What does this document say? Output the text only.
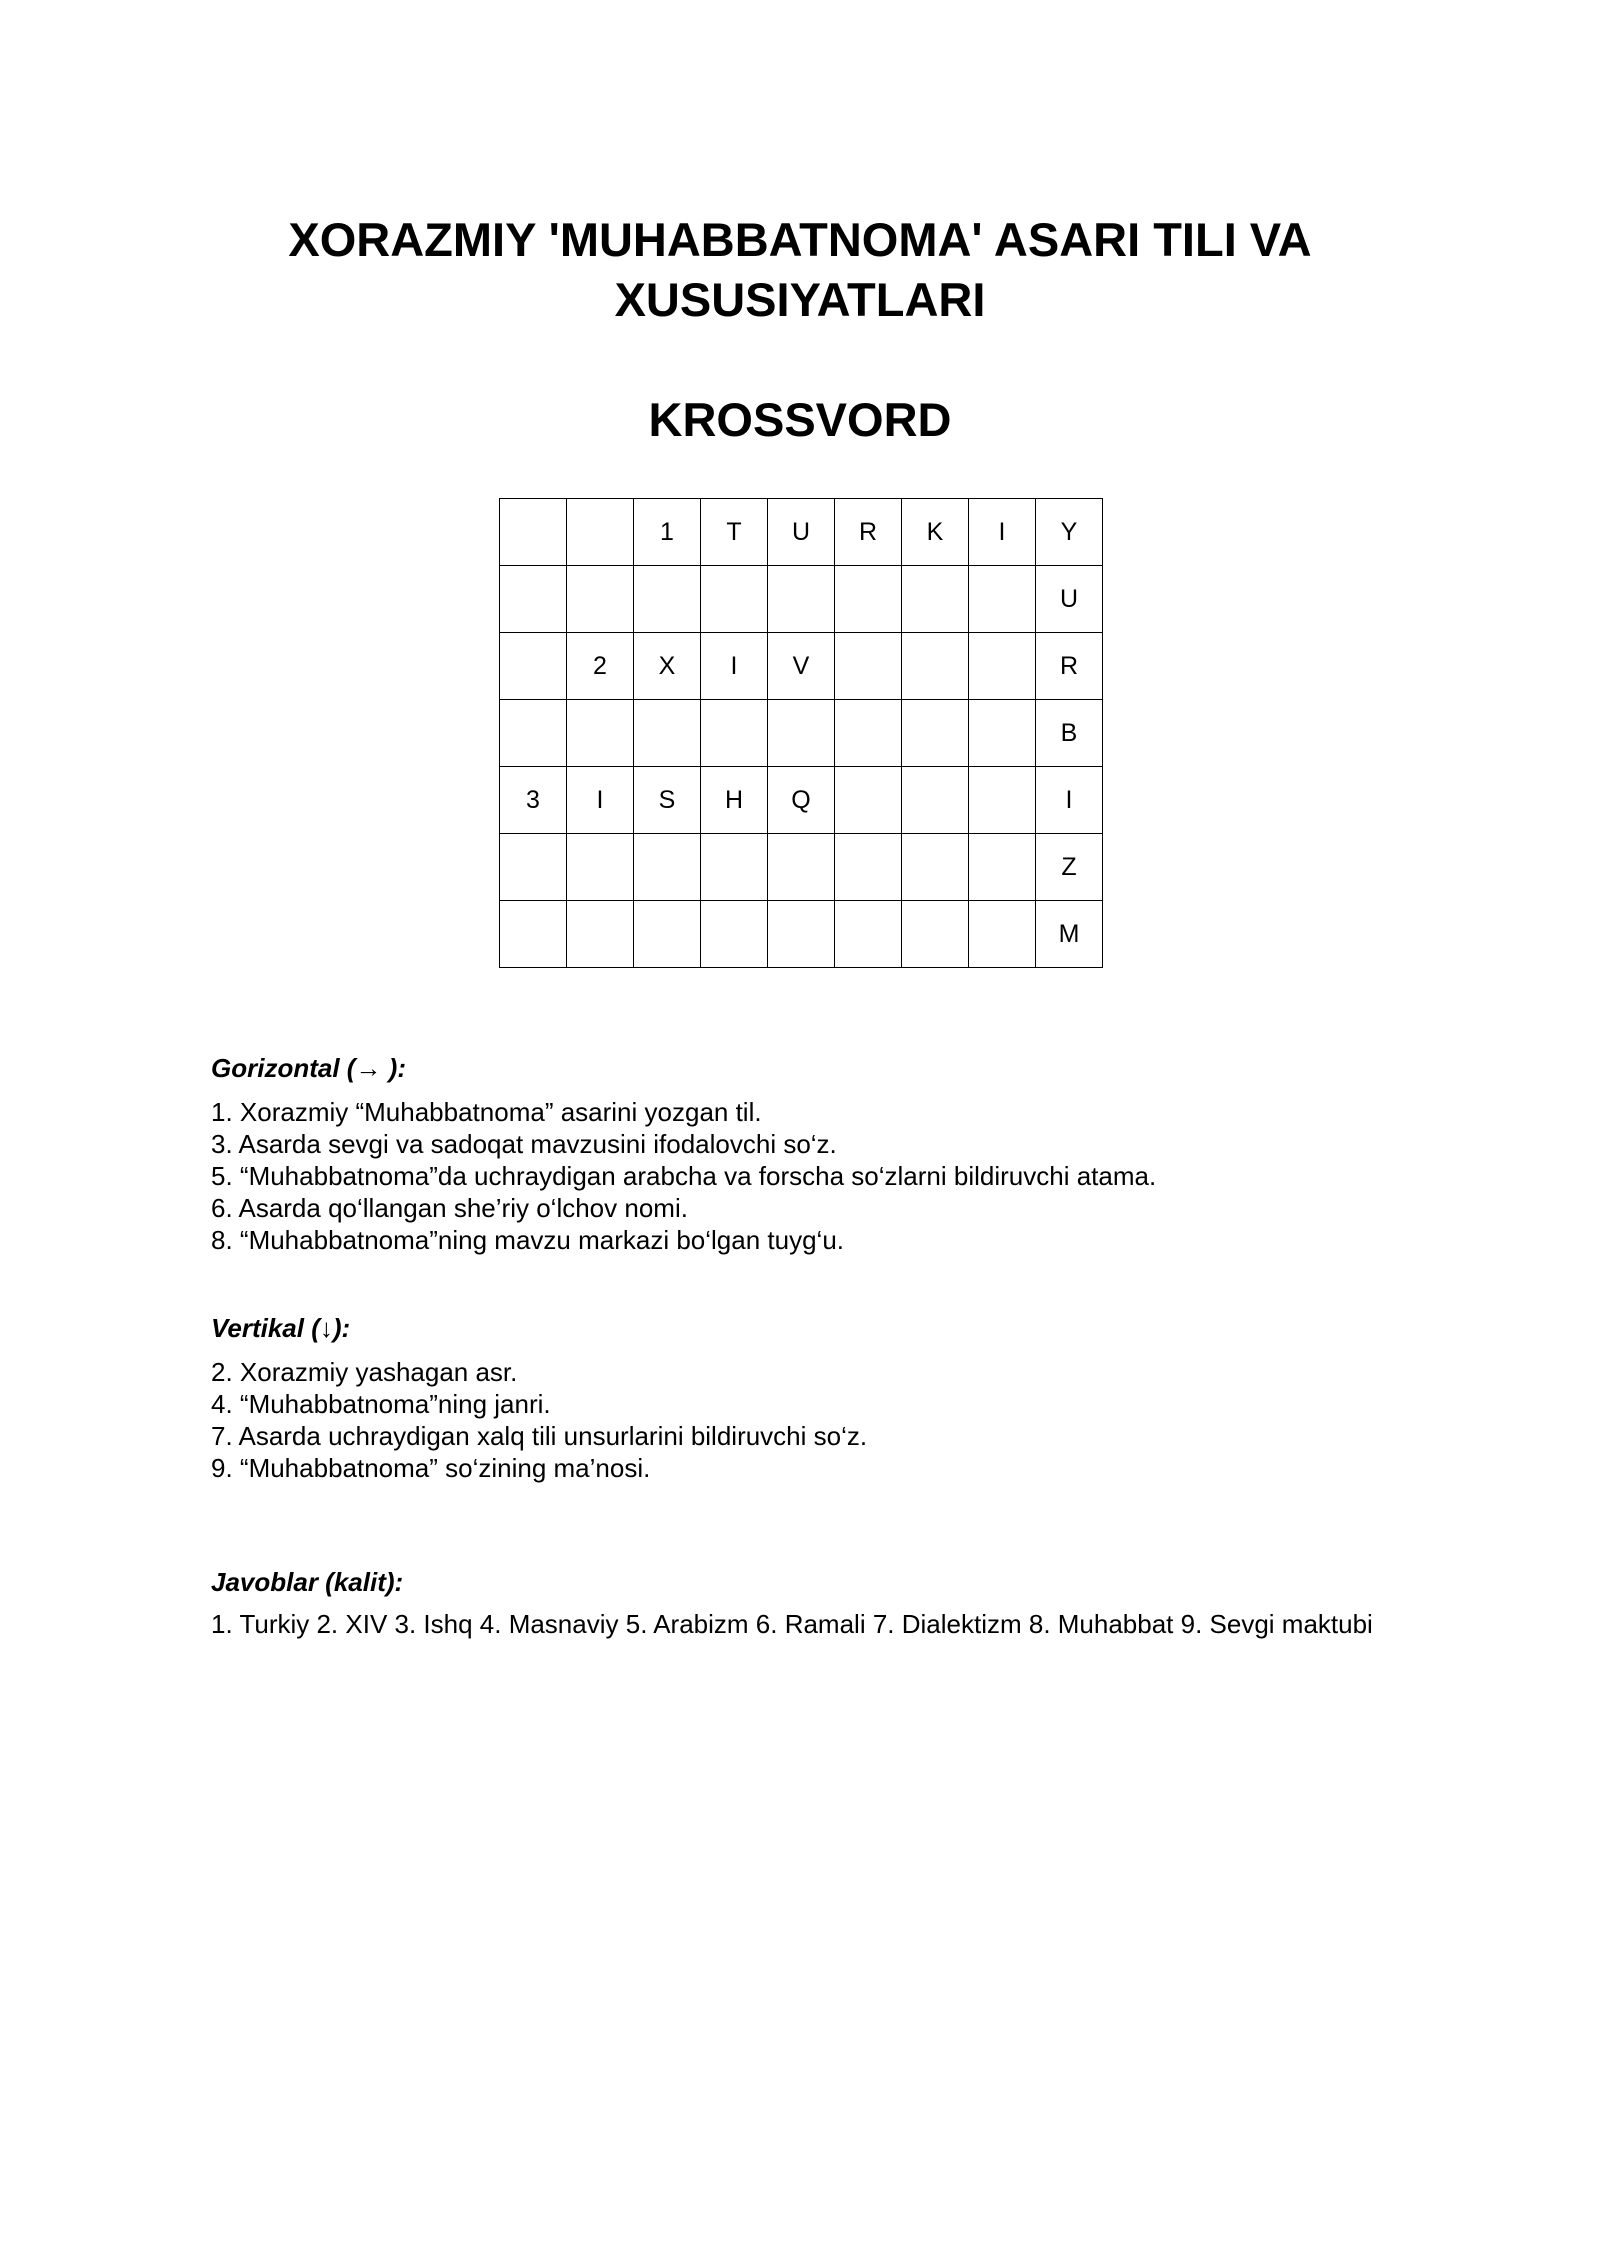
XORAZMIY 'MUHABBATNOMA' ASARI TILI VA XUSUSIYATLARI
KROSSVORD
		1	T	U	R	K	I	Y
								U
	2	X	I	V				R
								B
3	I	S	H	Q				I
								Z
								M
Gorizontal (→ ):
1. Xorazmiy “Muhabbatnoma” asarini yozgan til.
3. Asarda sevgi va sadoqat mavzusini ifodalovchi so‘z.
5. “Muhabbatnoma”da uchraydigan arabcha va forscha so‘zlarni bildiruvchi atama.
6. Asarda qo‘llangan she’riy o‘lchov nomi.
8. “Muhabbatnoma”ning mavzu markazi bo‘lgan tuyg‘u.
Vertikal (↓):
2. Xorazmiy yashagan asr.
4. “Muhabbatnoma”ning janri.
7. Asarda uchraydigan xalq tili unsurlarini bildiruvchi so‘z.
9. “Muhabbatnoma” so‘zining ma’nosi.
Javoblar (kalit):

1. Turkiy 2. XIV 3. Ishq 4. Masnaviy 5. Arabizm 6. Ramali 7. Dialektizm 8. Muhabbat 9. Sevgi maktubi
